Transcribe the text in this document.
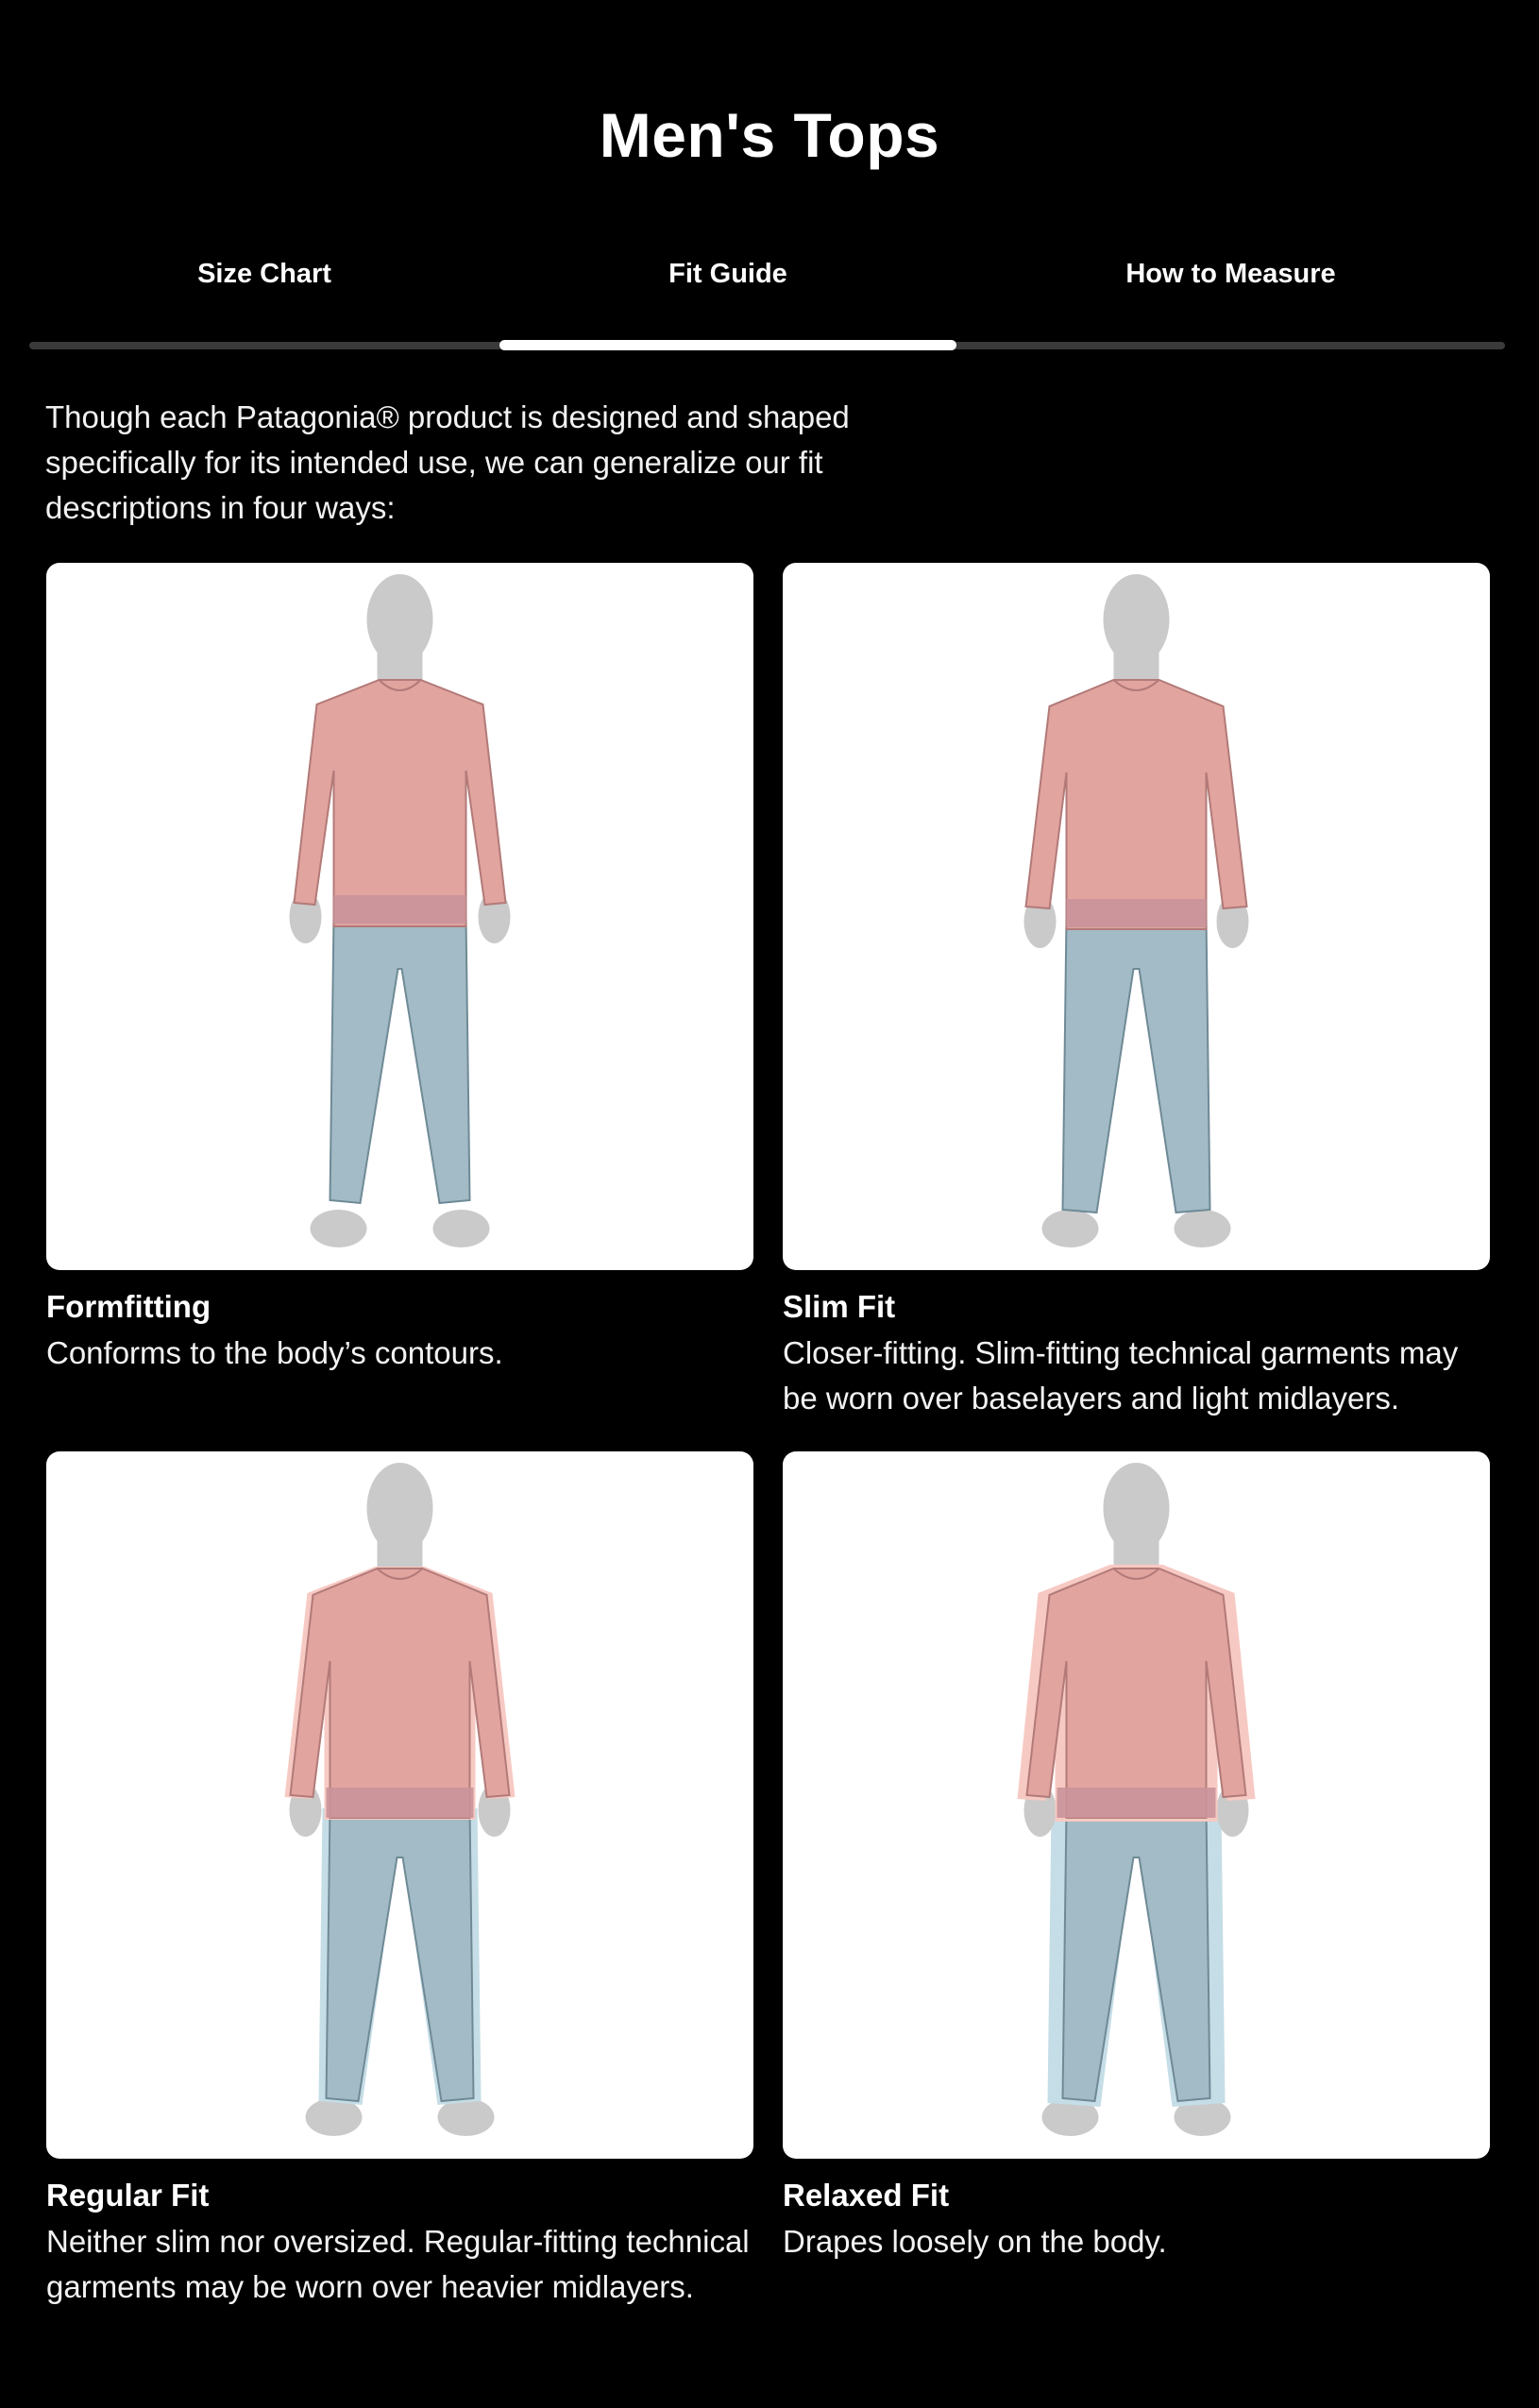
Men's Tops
Size Chart	Fit Guide	How to Measure
Though each Patagonia® product is designed and shaped specifically for its intended use, we can generalize our fit descriptions in four ways:
Formfitting
Conforms to the body’s contours.
Slim Fit
Closer-fitting. Slim-fitting technical garments may be worn over baselayers and light midlayers.
Regular Fit
Neither slim nor oversized. Regular-fitting technical garments may be worn over heavier midlayers.
Relaxed Fit
Drapes loosely on the body.
